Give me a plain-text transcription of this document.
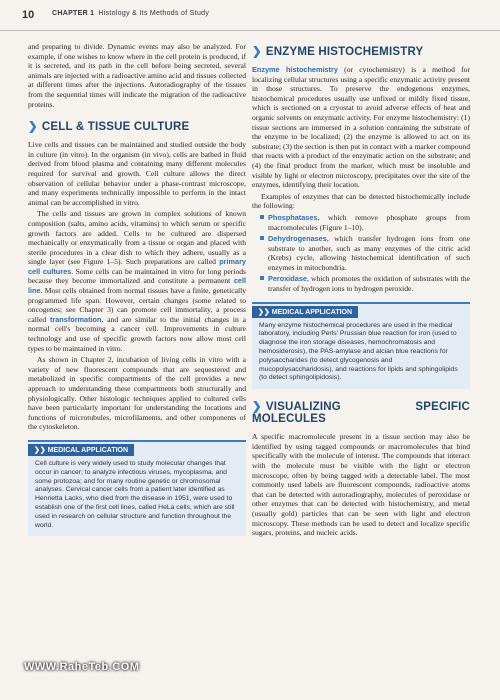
10	CHAPTER 1 Histology & Its Methods of Study

and preparing to divide. Dynamic events may also be analyzed. For example, if one wishes to know where in the cell protein is produced, if it is secreted, and its path in the cell before being secreted, several animals are injected with a radioactive amino acid and tissues collected at different times after the injections. Autoradiography of the tissues from the sequential times will indicate the migration of the radioactive proteins.

❯ CELL & TISSUE CULTURE

Live cells and tissues can be maintained and studied outside the body in culture (in vitro). In the organism (in vivo), cells are bathed in fluid derived from blood plasma and containing many different molecules required for survival and growth. Cell culture allows the direct observation of cellular behavior under a phase-contrast microscope, and many experiments technically impossible to perform in the intact animal can be accomplished in vitro.

The cells and tissues are grown in complex solutions of known composition (salts, amino acids, vitamins) to which serum or specific growth factors are added. Cells to be cultured are dispersed mechanically or enzymatically from a tissue or organ and placed with sterile procedures in a clear dish to which they adhere, usually as a single layer (see Figure 1–5). Such preparations are called primary cell cultures. Some cells can be maintained in vitro for long periods because they become immortalized and constitute a permanent cell line. Most cells obtained from normal tissues have a finite, genetically programmed life span. However, certain changes (some related to oncogenes; see Chapter 3) can promote cell immortality, a process called transformation, and are similar to the initial changes in a normal cell's becoming a cancer cell. Improvements in culture technology and use of specific growth factors now allow most cell types to be maintained in vitro.

As shown in Chapter 2, incubation of living cells in vitro with a variety of new fluorescent compounds that are sequestered and metabolized in specific compartments of the cell provides a new approach to understanding these compartments both structurally and physiologically. Other histologic techniques applied to cultured cells have been particularly important for understanding the locations and functions of microtubules, microfilaments, and other components of the cytoskeleton.

❯❯ MEDICAL APPLICATION
Cell culture is very widely used to study molecular changes that occur in cancer; to analyze infectious viruses, mycoplasma, and some protozoa; and for many routine genetic or chromosomal analyses. Cervical cancer cells from a patient later identified as Henrietta Lacks, who died from the disease in 1951, were used to establish one of the first cell lines, called HeLa cells, which are still used in research on cellular structure and function throughout the world.
❯ ENZYME HISTOCHEMISTRY

Enzyme histochemistry (or cytochemistry) is a method for localizing cellular structures using a specific enzymatic activity present in those structures. To preserve the endogenous enzymes, histochemical procedures usually use unfixed or mildly fixed tissue, which is sectioned on a cryostat to avoid adverse effects of heat and organic solvents on enzymatic activity. For enzyme histochemistry: (1) tissue sections are immersed in a solution containing the substrate of the enzyme to be localized; (2) the enzyme is allowed to act on its substrate; (3) the section is then put in contact with a marker compound that reacts with a product of the enzymatic action on the substrate; and (4) the final product from the marker, which must be insoluble and visible by light or electron microscopy, precipitates over the site of the enzymes, identifying their location.

Examples of enzymes that can be detected histochemically include the following:

Phosphatases, which remove phosphate groups from macromolecules (Figure 1–10).
Dehydrogenases, which transfer hydrogen ions from one substrate to another, such as many enzymes of the citric acid (Krebs) cycle, allowing histochemical identification of such enzymes in mitochondria.
Peroxidase, which promotes the oxidation of substrates with the transfer of hydrogen ions to hydrogen peroxide.
❯❯ MEDICAL APPLICATION
Many enzyme histochemical procedures are used in the medical laboratory, including Perls' Prussian blue reaction for iron (used to diagnose the iron storage diseases, hemochromatosis and hemosiderosis), the PAS-amylase and alcian blue reactions for polysaccharides (to detect glycogenosis and mucopolysaccharidosis), and reactions for lipids and sphingolipids (to detect sphingolipidosis).
❯ VISUALIZING SPECIFIC MOLECULES

A specific macromolecule present in a tissue section may also be identified by using tagged compounds or macromolecules that bind specifically with the molecule of interest. The compounds that interact with the molecule must be visible with the light or electron microscope, often by being tagged with a detectable label. The most commonly used labels are fluorescent compounds, radioactive atoms that can be detected with autoradiography, molecules of peroxidase or other enzymes that can be detected with histochemistry, and metal (usually gold) particles that can be seen with light and electron microscopy. These methods can be used to detect and localize specific sugars, proteins, and nucleic acids.

WWW.RaheTeb.COM
